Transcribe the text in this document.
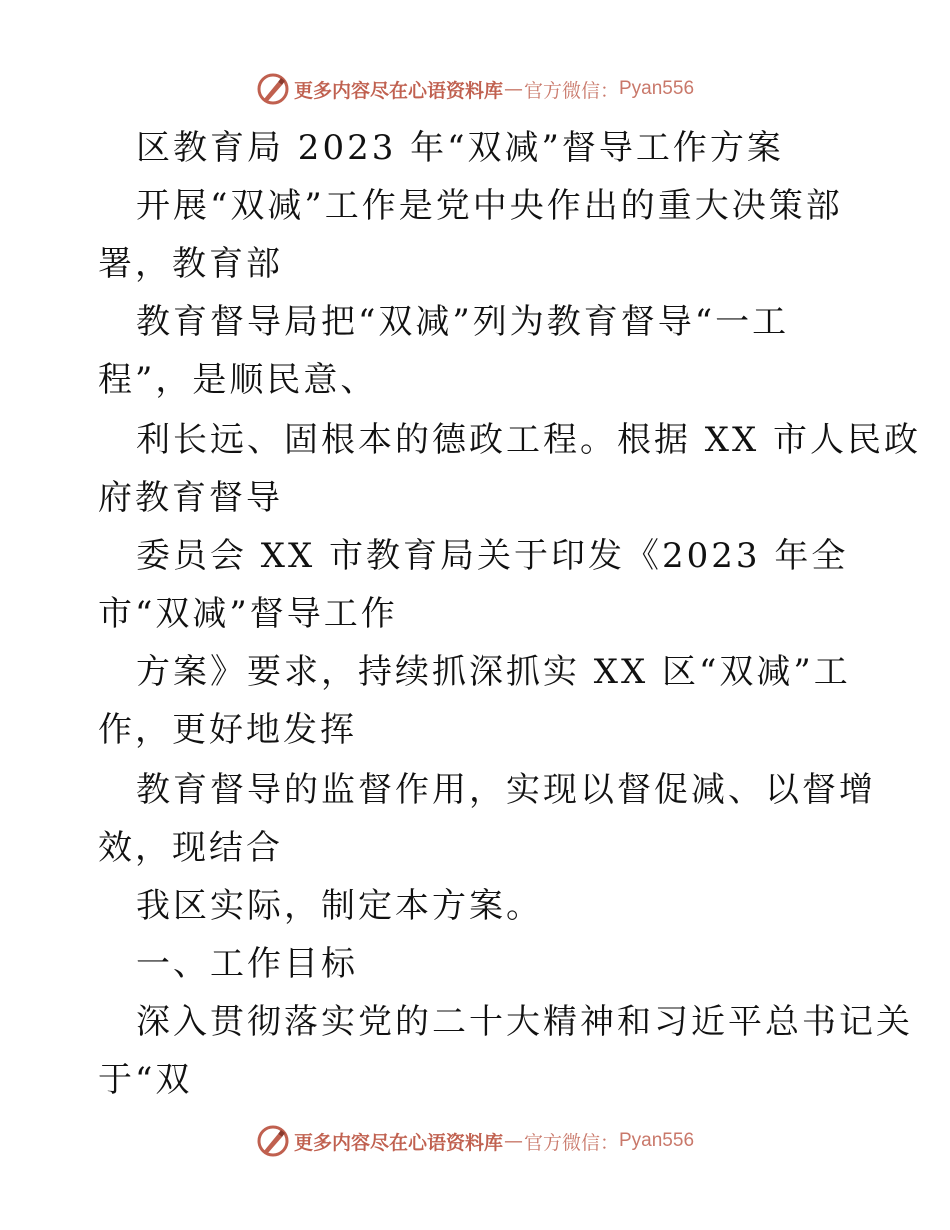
更多内容尽在心语资料库 — 官方微信： Pyan556
区教育局 2023 年“双减”督导工作方案
开展“双减”工作是党中央作出的重大决策部
署，教育部
教育督导局把“双减”列为教育督导“一工
程”，是顺民意、
利长远、固根本的德政工程。根据 XX 市人民政
府教育督导
委员会 XX 市教育局关于印发《2023 年全
市“双减”督导工作
方案》要求，持续抓深抓实 XX 区“双减”工
作，更好地发挥
教育督导的监督作用，实现以督促减、以督增
效，现结合
我区实际，制定本方案。
一、工作目标
深入贯彻落实党的二十大精神和习近平总书记关
于“双
更多内容尽在心语资料库 — 官方微信： Pyan556
